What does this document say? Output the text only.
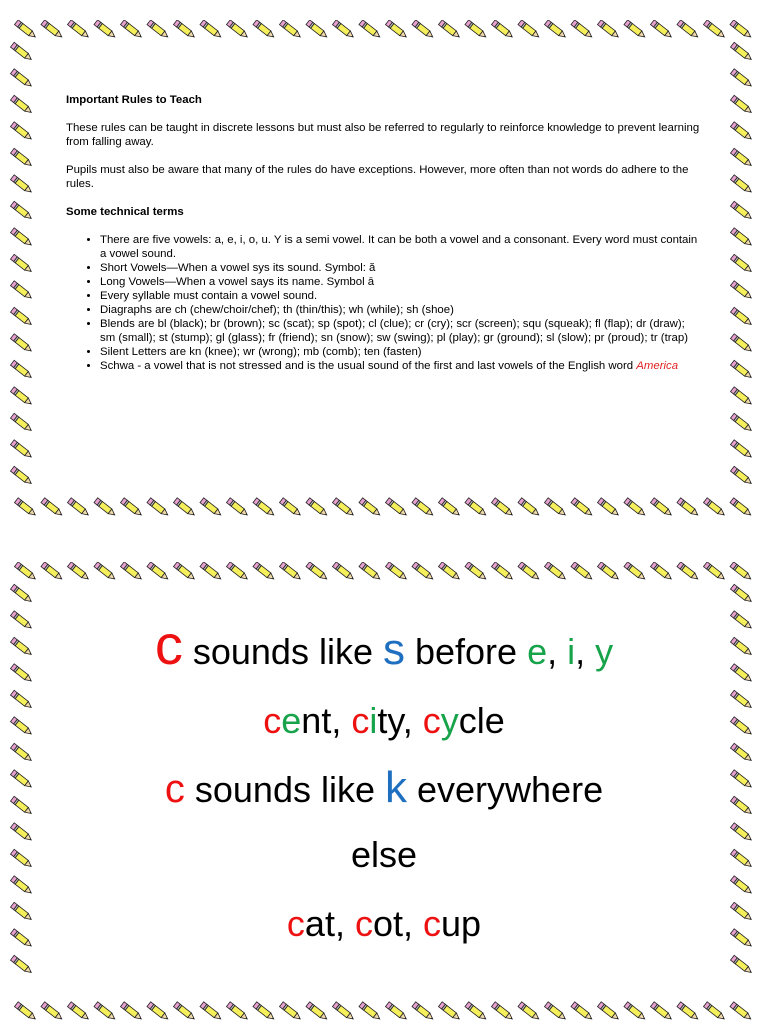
Important Rules to Teach

These rules can be taught in discrete lessons but must also be referred to regularly to reinforce knowledge to prevent learning from falling away.

Pupils must also be aware that many of the rules do have exceptions. However, more often than not words do adhere to the rules.

Some technical terms
• There are five vowels: a, e, i, o, u. Y is a semi vowel. It can be both a vowel and a consonant. Every word must contain a vowel sound.
• Short Vowels—When a vowel sys its sound. Symbol: ă
• Long Vowels—When a vowel says its name. Symbol ā
• Every syllable must contain a vowel sound.
• Diagraphs are ch (chew/choir/chef); th (thin/this); wh (while); sh (shoe)
• Blends are bl (black); br (brown); sc (scat); sp (spot); cl (clue); cr (cry); scr (screen); squ (squeak); fl (flap); dr (draw); sm (small); st (stump); gl (glass); fr (friend); sn (snow); sw (swing); pl (play); gr (ground); sl (slow); pr (proud); tr (trap)
• Silent Letters are kn (knee); wr (wrong); mb (comb); ten (fasten)
• Schwa - a vowel that is not stressed and is the usual sound of the first and last vowels of the English word America
c sounds like s before e, i, y
cent, city, cycle
c sounds like k everywhere
else
cat, cot, cup
